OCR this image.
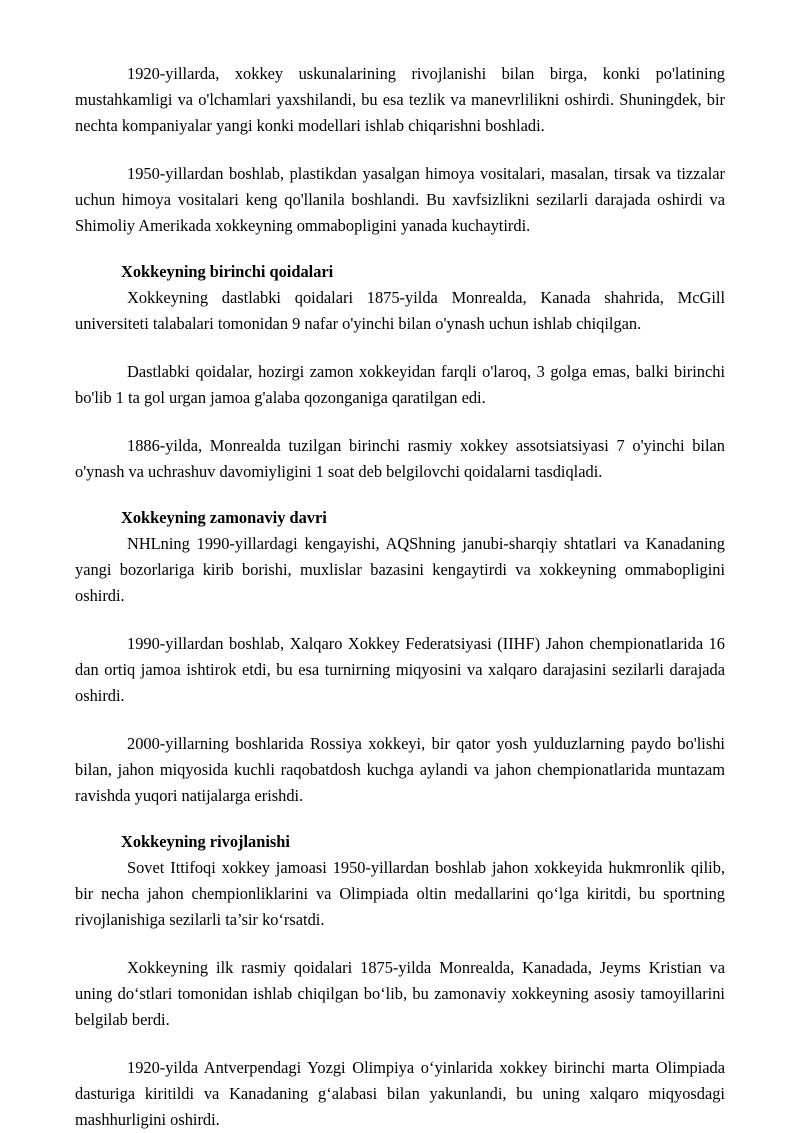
1920-yillarda, xokkey uskunalarining rivojlanishi bilan birga, konki po'latining mustahkamligi va o'lchamlari yaxshilandi, bu esa tezlik va manevrlilikni oshirdi. Shuningdek, bir nechta kompaniyalar yangi konki modellari ishlab chiqarishni boshladi.

1950-yillardan boshlab, plastikdan yasalgan himoya vositalari, masalan, tirsak va tizzalar uchun himoya vositalari keng qo'llanila boshlandi. Bu xavfsizlikni sezilarli darajada oshirdi va Shimoliy Amerikada xokkeyning ommabopligini yanada kuchaytirdi.

Xokkeyning birinchi qoidalari

Xokkeyning dastlabki qoidalari 1875-yilda Monrealda, Kanada shahrida, McGill universiteti talabalari tomonidan 9 nafar o'yinchi bilan o'ynash uchun ishlab chiqilgan.

Dastlabki qoidalar, hozirgi zamon xokkeyidan farqli o'laroq, 3 golga emas, balki birinchi bo'lib 1 ta gol urgan jamoa g'alaba qozonganiga qaratilgan edi.

1886-yilda, Monrealda tuzilgan birinchi rasmiy xokkey assotsiatsiyasi 7 o'yinchi bilan o'ynash va uchrashuv davomiyligini 1 soat deb belgilovchi qoidalarni tasdiqladi.

Xokkeyning zamonaviy davri

NHLning 1990-yillardagi kengayishi, AQShning janubi-sharqiy shtatlari va Kanadaning yangi bozorlariga kirib borishi, muxlislar bazasini kengaytirdi va xokkeyning ommabopligini oshirdi.

1990-yillardan boshlab, Xalqaro Xokkey Federatsiyasi (IIHF) Jahon chempionatlarida 16 dan ortiq jamoa ishtirok etdi, bu esa turnirning miqyosini va xalqaro darajasini sezilarli darajada oshirdi.

2000-yillarning boshlarida Rossiya xokkeyi, bir qator yosh yulduzlarning paydo bo'lishi bilan, jahon miqyosida kuchli raqobatdosh kuchga aylandi va jahon chempionatlarida muntazam ravishda yuqori natijalarga erishdi.

Xokkeyning rivojlanishi

Sovet Ittifoqi xokkey jamoasi 1950-yillardan boshlab jahon xokkeyida hukmronlik qilib, bir necha jahon chempionliklarini va Olimpiada oltin medallarini qo‘lga kiritdi, bu sportning rivojlanishiga sezilarli ta’sir ko‘rsatdi.

Xokkeyning ilk rasmiy qoidalari 1875-yilda Monrealda, Kanadada, Jeyms Kristian va uning do‘stlari tomonidan ishlab chiqilgan bo‘lib, bu zamonaviy xokkeyning asosiy tamoyillarini belgilab berdi.

1920-yilda Antverpendagi Yozgi Olimpiya o‘yinlarida xokkey birinchi marta Olimpiada dasturiga kiritildi va Kanadaning g‘alabasi bilan yakunlandi, bu uning xalqaro miqyosdagi mashhurligini oshirdi.
